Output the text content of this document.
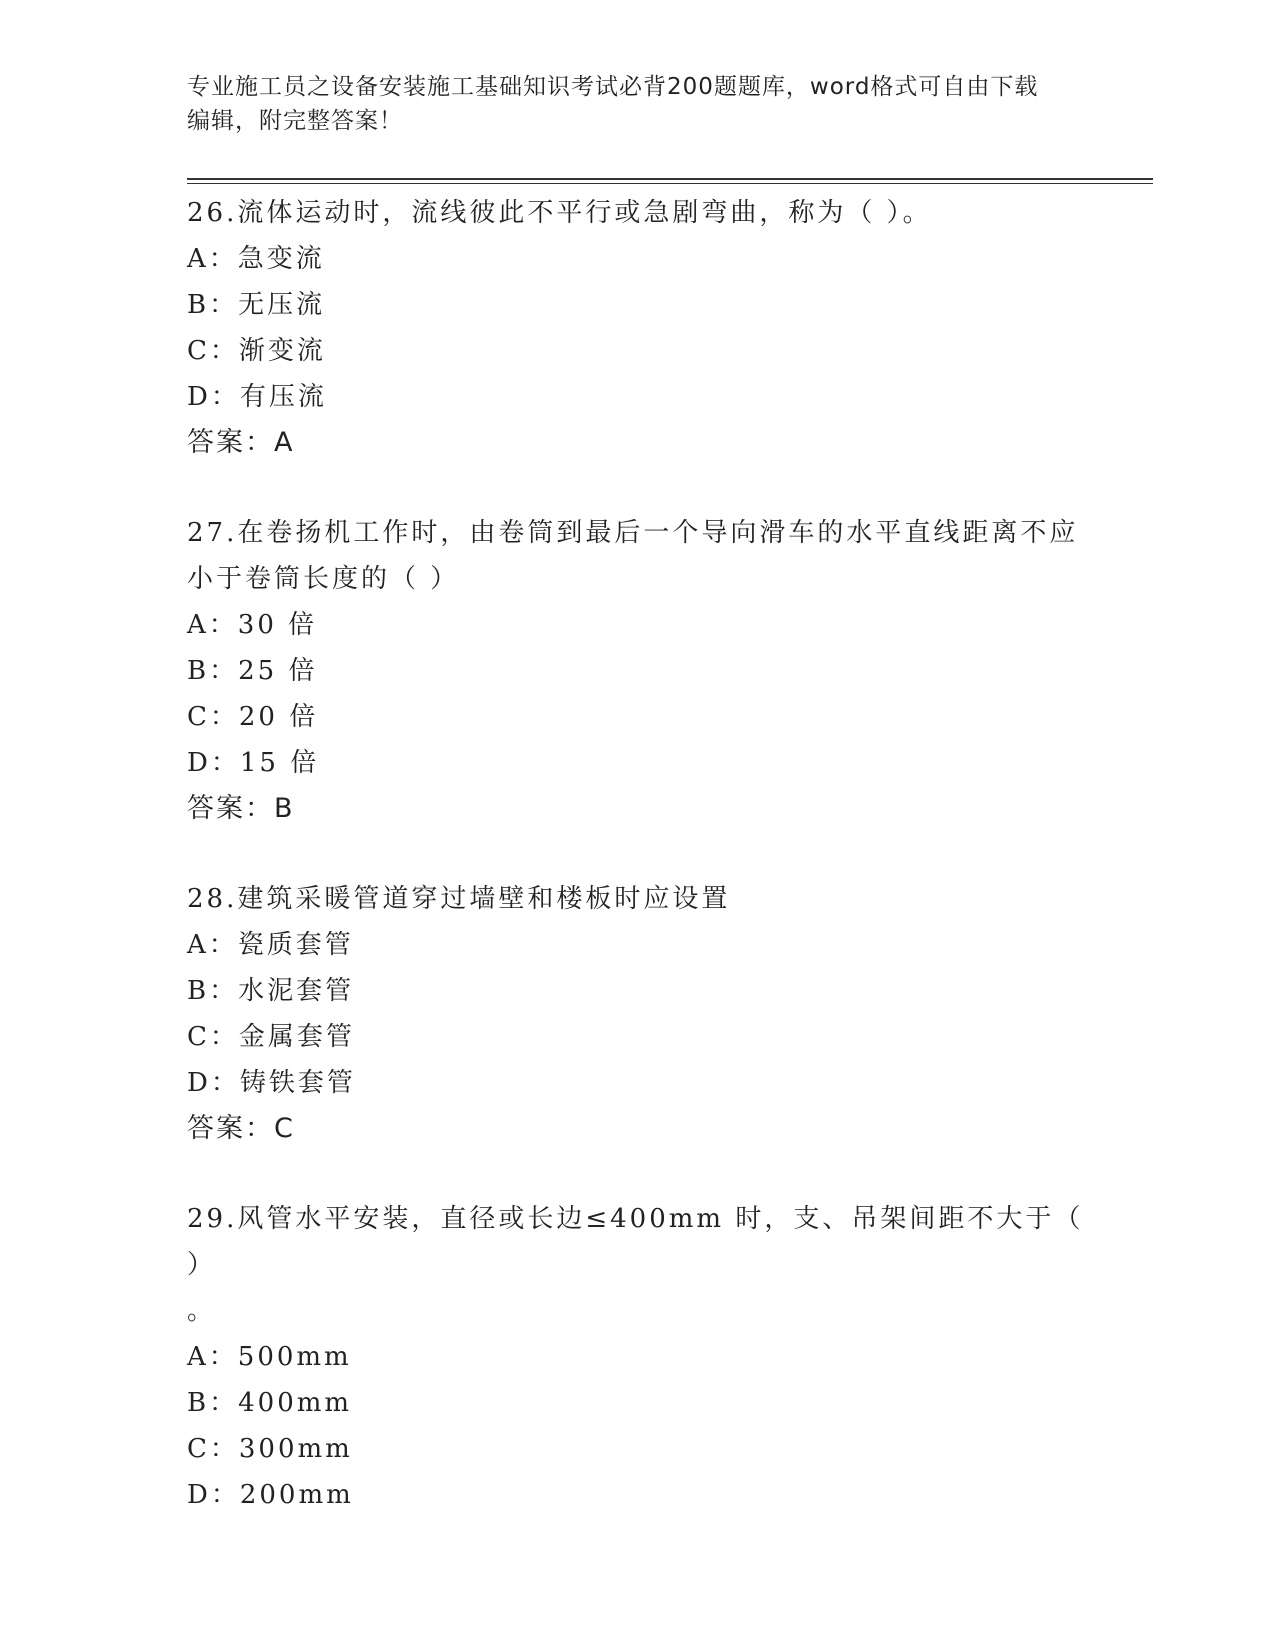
专业施工员之设备安装施工基础知识考试必背200题题库，word格式可自由下载
编辑，附完整答案！
26.流体运动时，流线彼此不平行或急剧弯曲，称为（ ）。
A：急变流
B：无压流
C：渐变流
D：有压流
答案：A
27.在卷扬机工作时，由卷筒到最后一个导向滑车的水平直线距离不应
小于卷筒长度的（ ）
A：30 倍
B：25 倍
C：20 倍
D：15 倍
答案：B
28.建筑采暖管道穿过墙壁和楼板时应设置
A：瓷质套管
B：水泥套管
C：金属套管
D：铸铁套管
答案：C
29.风管水平安装，直径或长边≤400mm 时，支、吊架间距不大于（ ）
。
A：500mm
B：400mm
C：300mm
D：200mm
